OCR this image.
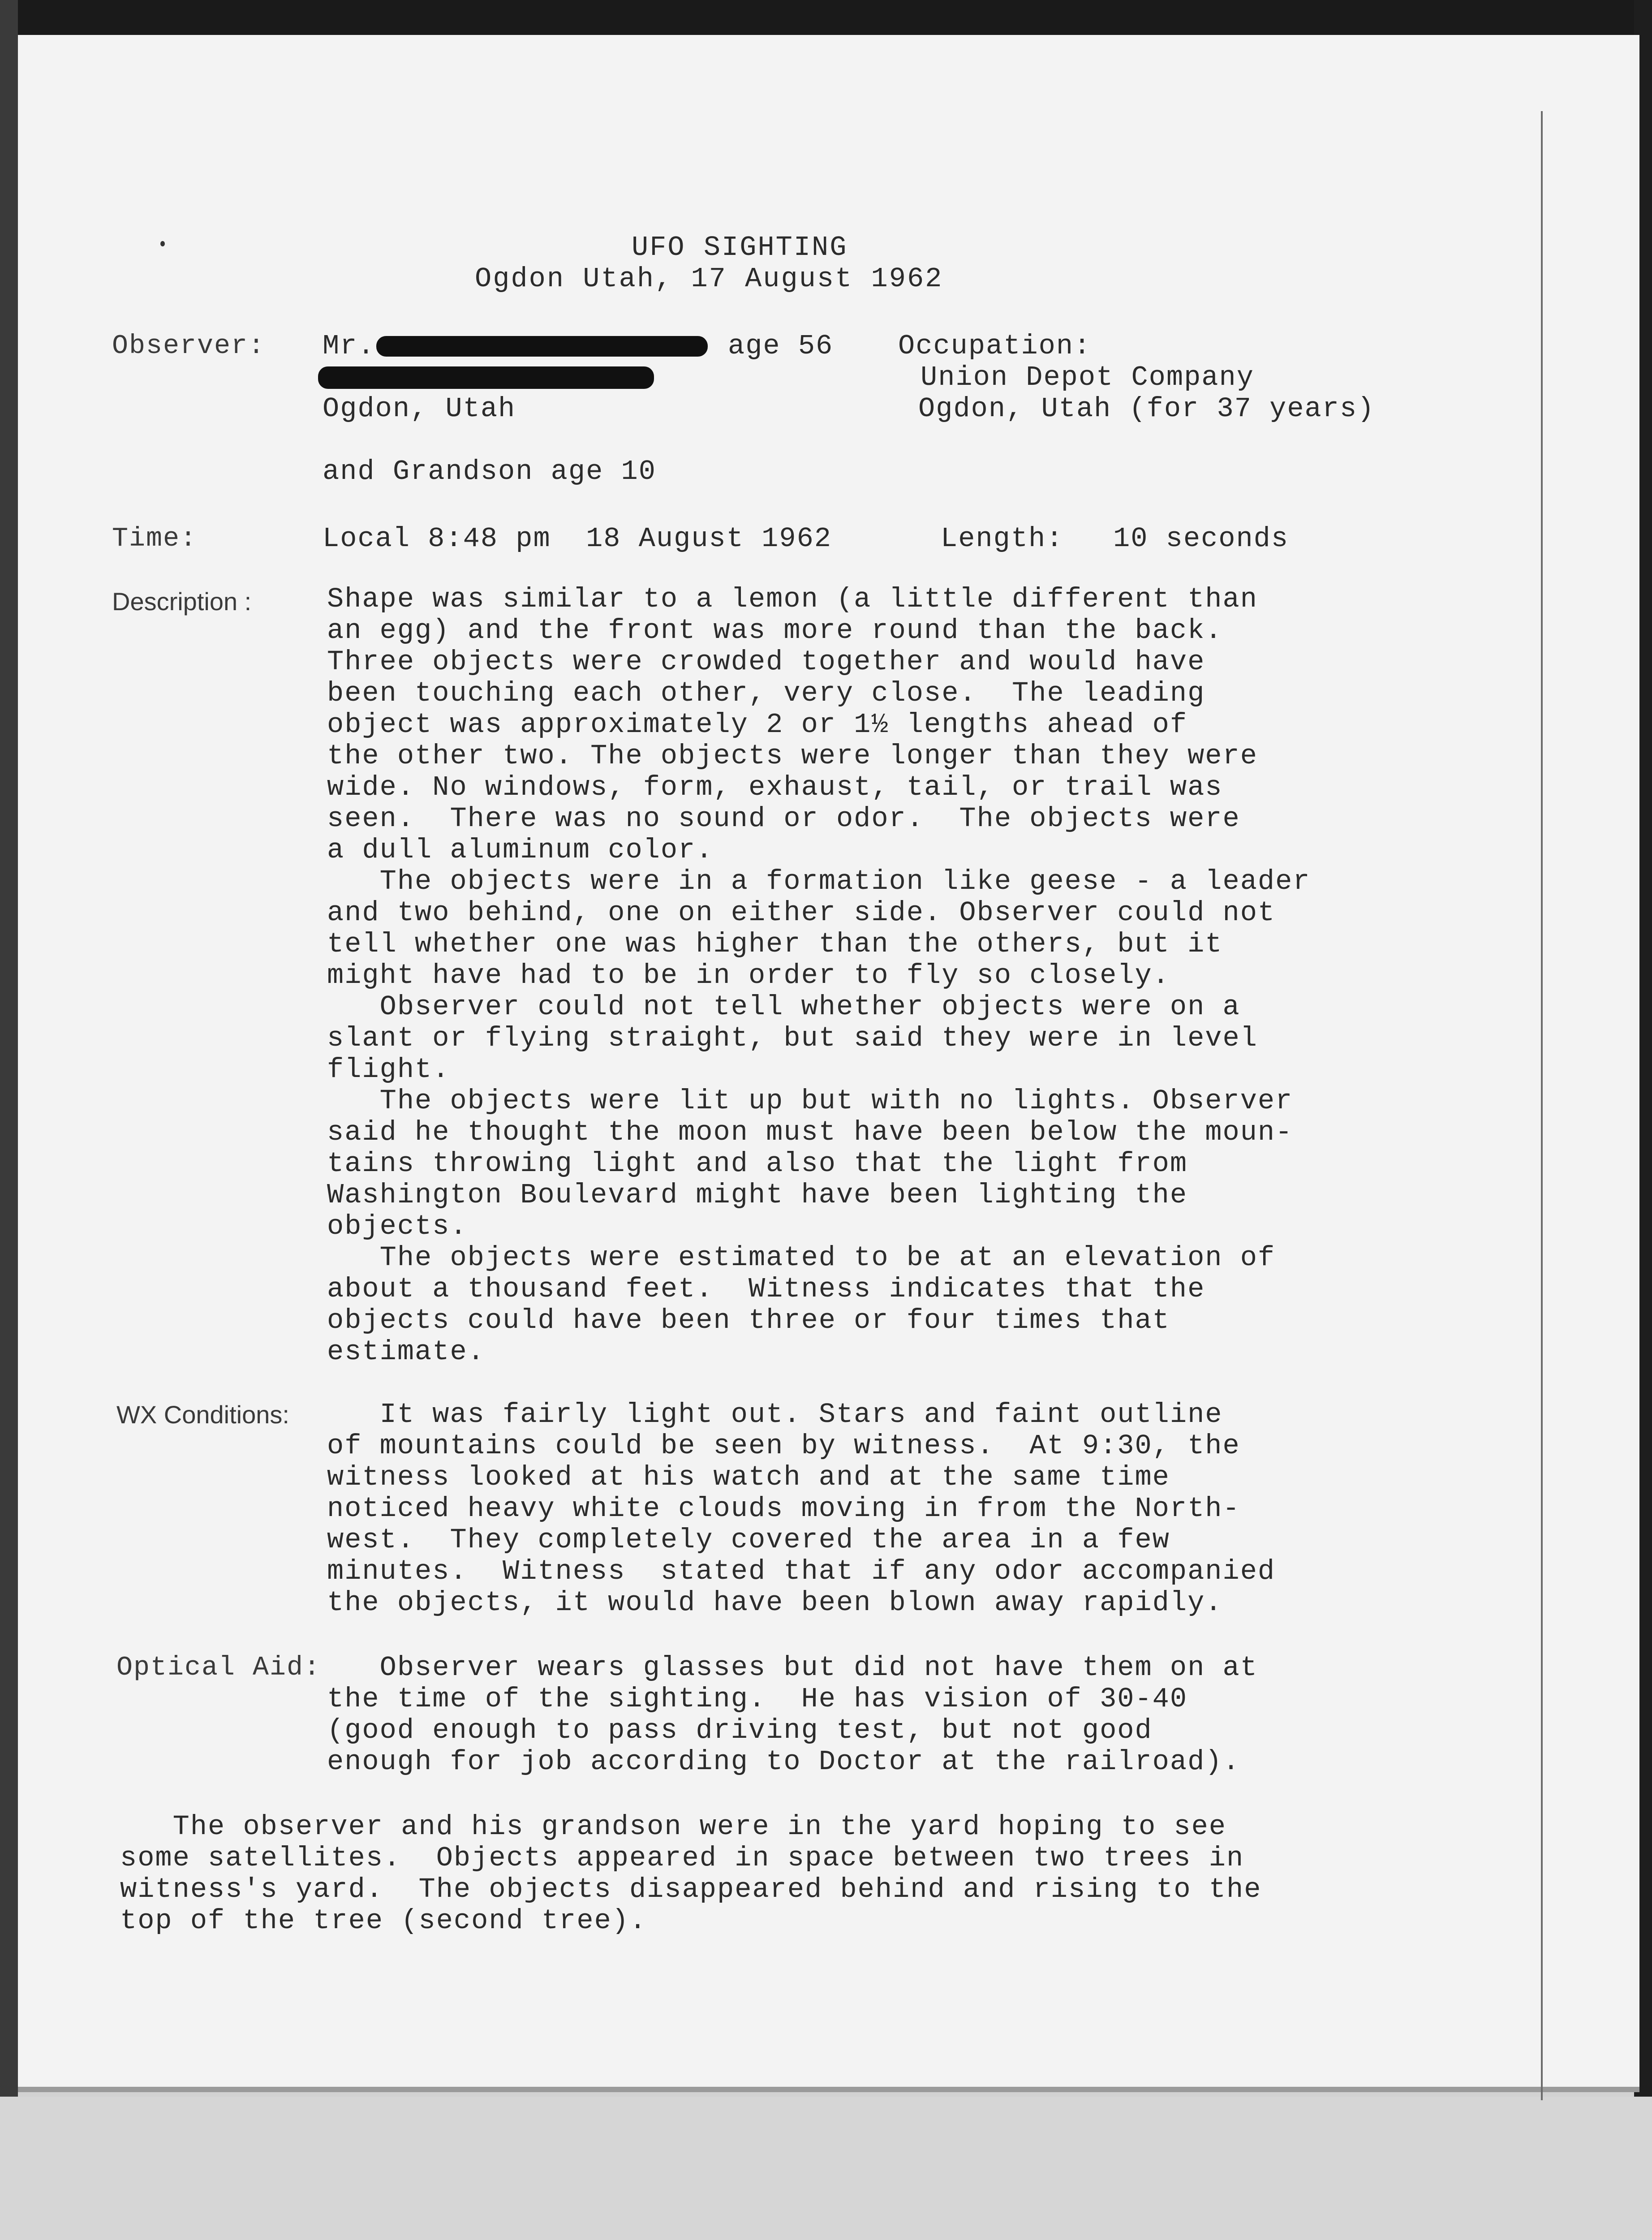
UFO SIGHTING
Ogdon Utah, 17 August 1962
Observer: Mr.	age 56 Occupation:
Union Depot Company
Ogdon, Utah	Ogdon, Utah (for 37 years)
and Grandson age 10
Time:	Local 8:48 pm  18 August 1962	Length: 10 seconds
Description :	Shape was similar to a lemon (a little different than
an egg) and the front was more round than the back.
Three objects were crowded together and would have
been touching each other, very close.  The leading
object was approximately 2 or 1½ lengths ahead of
the other two. The objects were longer than they were
wide. No windows, form, exhaust, tail, or trail was
seen.  There was no sound or odor.  The objects were
a dull aluminum color.
The objects were in a formation like geese - a leader
and two behind, one on either side. Observer could not
tell whether one was higher than the others, but it
might have had to be in order to fly so closely.
Observer could not tell whether objects were on a
slant or flying straight, but said they were in level
flight.
The objects were lit up but with no lights. Observer
said he thought the moon must have been below the moun-
tains throwing light and also that the light from
Washington Boulevard might have been lighting the
objects.
The objects were estimated to be at an elevation of
about a thousand feet.  Witness indicates that the
objects could have been three or four times that
estimate.
WX Conditions: It was fairly light out. Stars and faint outline
of mountains could be seen by witness.  At 9:30, the
witness looked at his watch and at the same time
noticed heavy white clouds moving in from the North-
west.  They completely covered the area in a few
minutes.  Witness  stated that if any odor accompanied
the objects, it would have been blown away rapidly.
Optical Aid: Observer wears glasses but did not have them on at
the time of the sighting.  He has vision of 30-40
(good enough to pass driving test, but not good
enough for job according to Doctor at the railroad).
The observer and his grandson were in the yard hoping to see
some satellites.  Objects appeared in space between two trees in
witness's yard.  The objects disappeared behind and rising to the
top of the tree (second tree).
